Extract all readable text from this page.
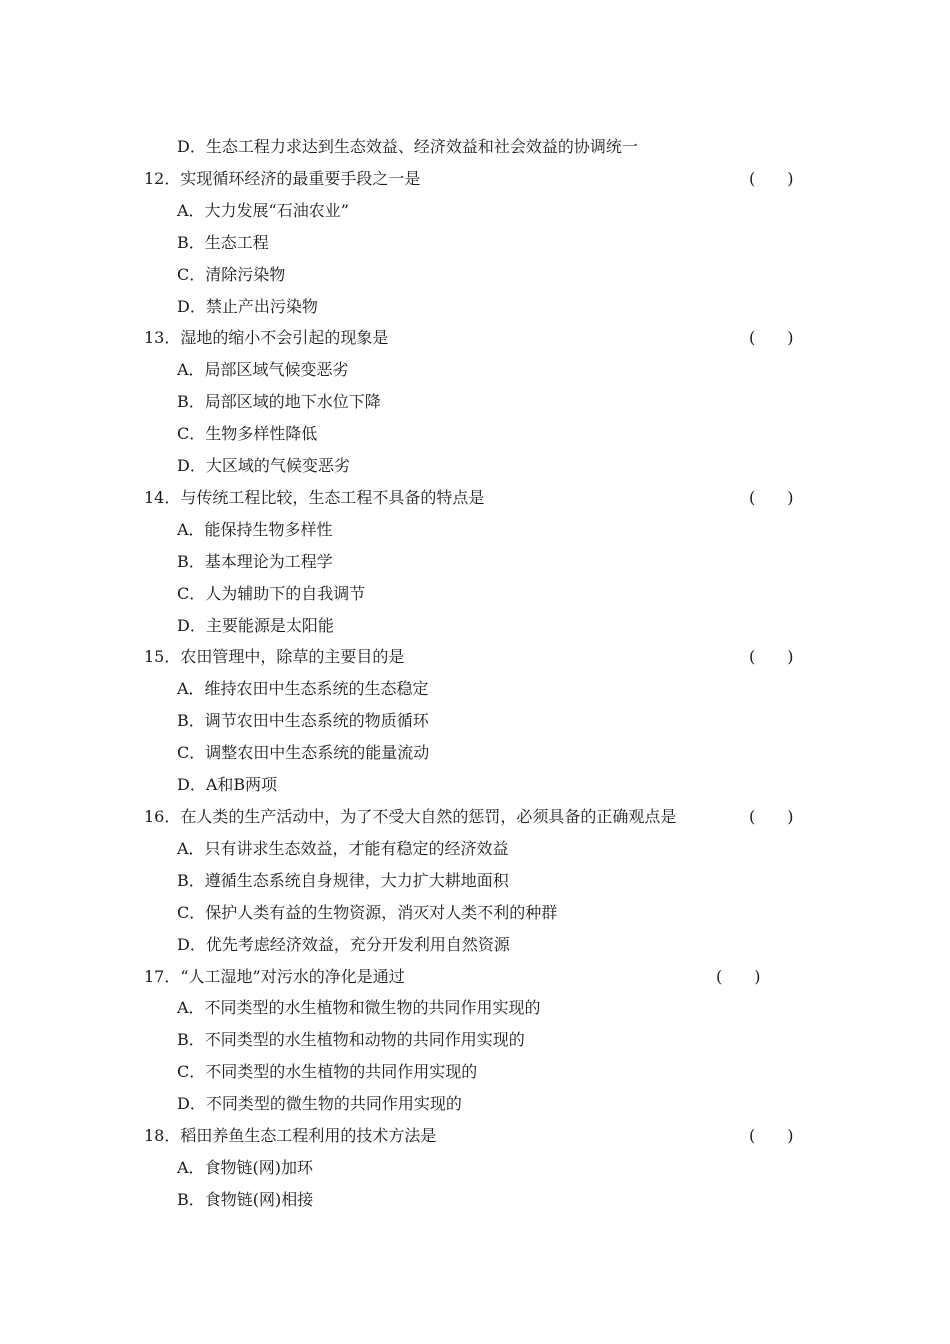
D．生态工程力求达到生态效益、经济效益和社会效益的协调统一
12．实现循环经济的最重要手段之一是	(　　)
A．大力发展“石油农业”
B．生态工程
C．清除污染物
D．禁止产出污染物
13．湿地的缩小不会引起的现象是	(　　)
A．局部区域气候变恶劣
B．局部区域的地下水位下降
C．生物多样性降低
D．大区域的气候变恶劣
14．与传统工程比较，生态工程不具备的特点是	(　　)
A．能保持生物多样性
B．基本理论为工程学
C．人为辅助下的自我调节
D．主要能源是太阳能
15．农田管理中，除草的主要目的是	(　　)
A．维持农田中生态系统的生态稳定
B．调节农田中生态系统的物质循环
C．调整农田中生态系统的能量流动
D．A和B两项
16．在人类的生产活动中，为了不受大自然的惩罚，必须具备的正确观点是	(　　)
A．只有讲求生态效益，才能有稳定的经济效益
B．遵循生态系统自身规律，大力扩大耕地面积
C．保护人类有益的生物资源，消灭对人类不利的种群
D．优先考虑经济效益，充分开发利用自然资源
17．“人工湿地”对污水的净化是通过	(　　)
A．不同类型的水生植物和微生物的共同作用实现的
B．不同类型的水生植物和动物的共同作用实现的
C．不同类型的水生植物的共同作用实现的
D．不同类型的微生物的共同作用实现的
18．稻田养鱼生态工程利用的技术方法是	(　　)
A．食物链(网)加环
B．食物链(网)相接
